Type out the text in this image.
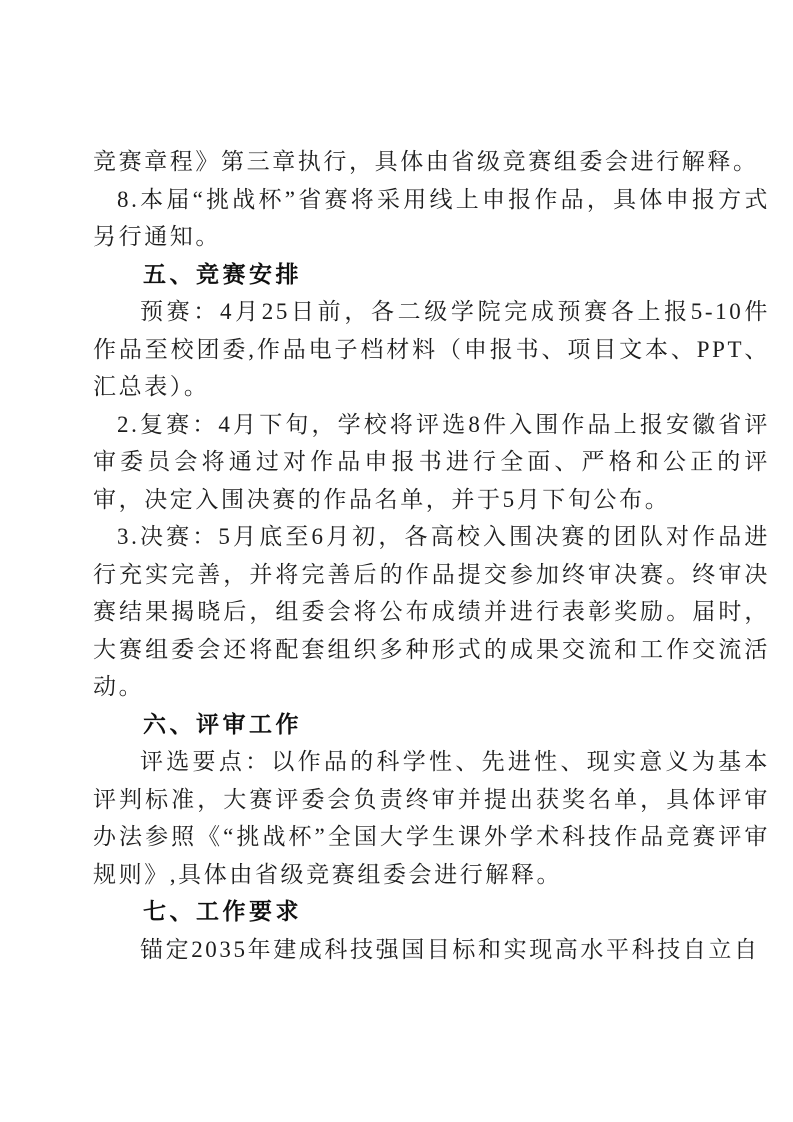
竞赛章程》第三章执行，具体由省级竞赛组委会进行解释。

8.本届“挑战杯”省赛将采用线上申报作品，具体申报方式另行通知。

五、竞赛安排

预赛：4月25日前，各二级学院完成预赛各上报5-10件作品至校团委,作品电子档材料（申报书、项目文本、PPT、汇总表）。

2.复赛：4月下旬，学校将评选8件入围作品上报安徽省评审委员会将通过对作品申报书进行全面、严格和公正的评审，决定入围决赛的作品名单，并于5月下旬公布。

3.决赛：5月底至6月初，各高校入围决赛的团队对作品进行充实完善，并将完善后的作品提交参加终审决赛。终审决赛结果揭晓后，组委会将公布成绩并进行表彰奖励。届时，大赛组委会还将配套组织多种形式的成果交流和工作交流活动。

六、评审工作

评选要点：以作品的科学性、先进性、现实意义为基本评判标准，大赛评委会负责终审并提出获奖名单，具体评审办法参照《“挑战杯”全国大学生课外学术科技作品竞赛评审规则》,具体由省级竞赛组委会进行解释。

七、工作要求

锚定2035年建成科技强国目标和实现高水平科技自立自
